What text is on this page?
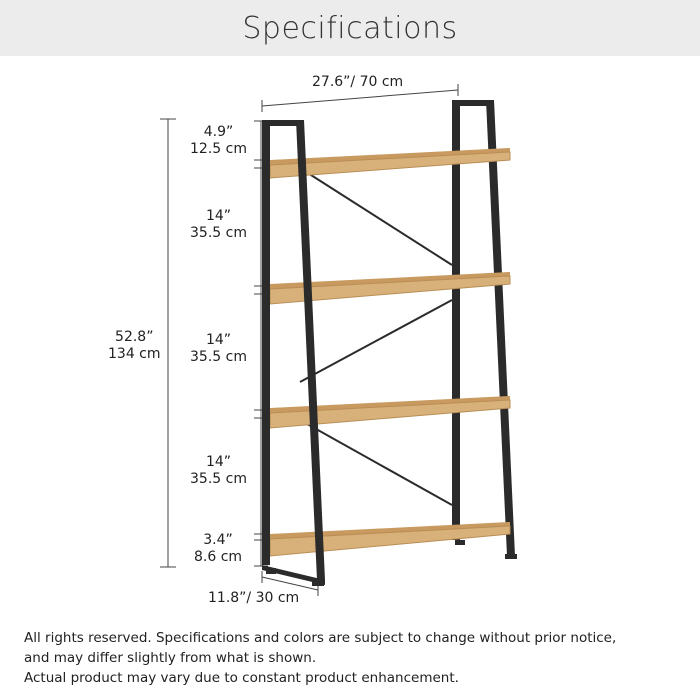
Specifications
27.6”/ 70 cm
52.8”
134 cm
4.9”
12.5 cm
14”
35.5 cm
14”
35.5 cm
14”
35.5 cm
3.4”
8.6 cm
11.8”/ 30 cm

All rights reserved. Specifications and colors are subject to change without prior notice,

and may differ slightly from what is shown.

Actual product may vary due to constant product enhancement.
